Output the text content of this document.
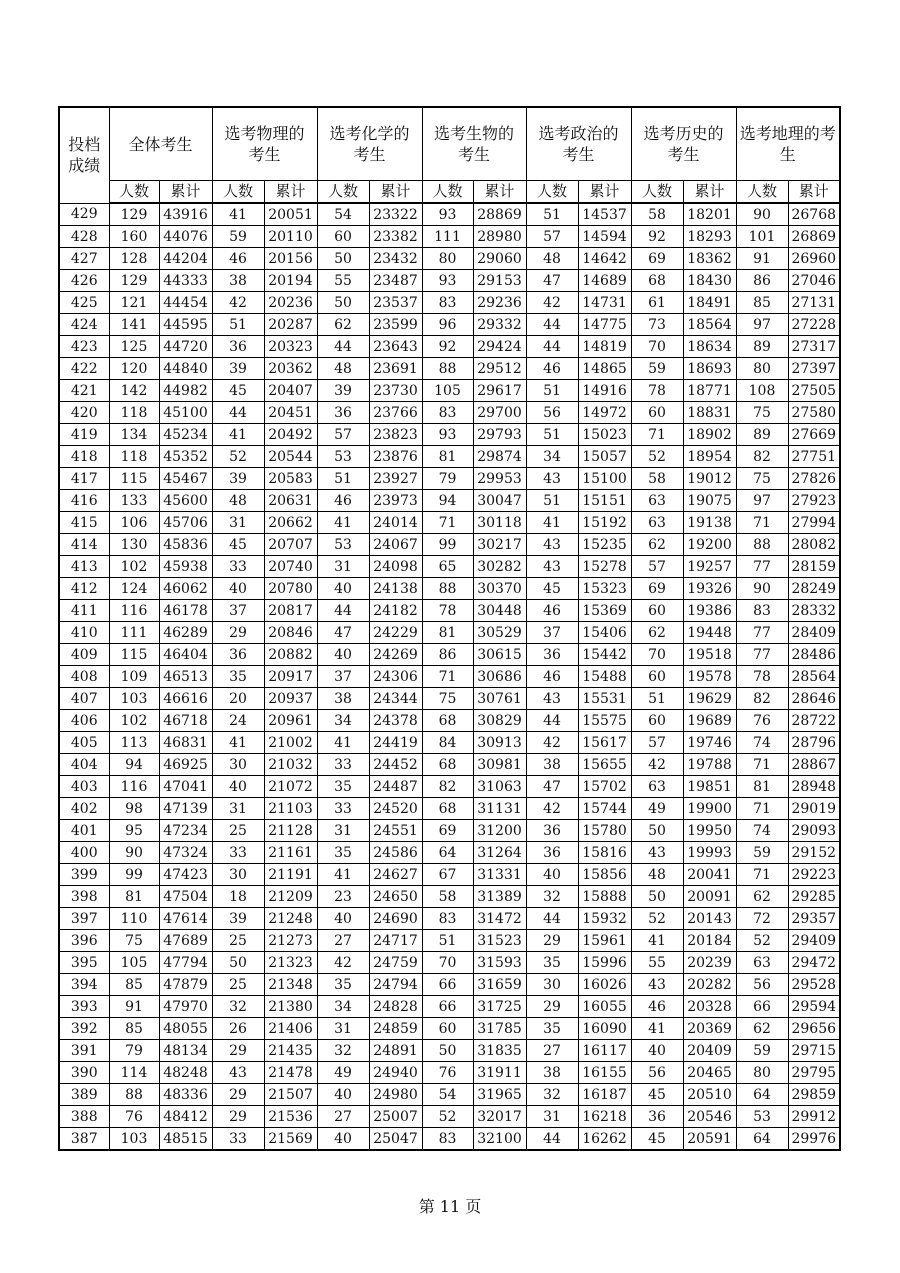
投档成绩	全体考生		选考物理的考生		选考化学的考生		选考生物的考生		选考政治的考生		选考历史的考生		选考地理的考生	
	人数	累计	人数	累计	人数	累计	人数	累计	人数	累计	人数	累计	人数	累计
429	129	43916	41	20051	54	23322	93	28869	51	14537	58	18201	90	26768
428	160	44076	59	20110	60	23382	111	28980	57	14594	92	18293	101	26869
427	128	44204	46	20156	50	23432	80	29060	48	14642	69	18362	91	26960
426	129	44333	38	20194	55	23487	93	29153	47	14689	68	18430	86	27046
425	121	44454	42	20236	50	23537	83	29236	42	14731	61	18491	85	27131
424	141	44595	51	20287	62	23599	96	29332	44	14775	73	18564	97	27228
423	125	44720	36	20323	44	23643	92	29424	44	14819	70	18634	89	27317
422	120	44840	39	20362	48	23691	88	29512	46	14865	59	18693	80	27397
421	142	44982	45	20407	39	23730	105	29617	51	14916	78	18771	108	27505
420	118	45100	44	20451	36	23766	83	29700	56	14972	60	18831	75	27580
419	134	45234	41	20492	57	23823	93	29793	51	15023	71	18902	89	27669
418	118	45352	52	20544	53	23876	81	29874	34	15057	52	18954	82	27751
417	115	45467	39	20583	51	23927	79	29953	43	15100	58	19012	75	27826
416	133	45600	48	20631	46	23973	94	30047	51	15151	63	19075	97	27923
415	106	45706	31	20662	41	24014	71	30118	41	15192	63	19138	71	27994
414	130	45836	45	20707	53	24067	99	30217	43	15235	62	19200	88	28082
413	102	45938	33	20740	31	24098	65	30282	43	15278	57	19257	77	28159
412	124	46062	40	20780	40	24138	88	30370	45	15323	69	19326	90	28249
411	116	46178	37	20817	44	24182	78	30448	46	15369	60	19386	83	28332
410	111	46289	29	20846	47	24229	81	30529	37	15406	62	19448	77	28409
409	115	46404	36	20882	40	24269	86	30615	36	15442	70	19518	77	28486
408	109	46513	35	20917	37	24306	71	30686	46	15488	60	19578	78	28564
407	103	46616	20	20937	38	24344	75	30761	43	15531	51	19629	82	28646
406	102	46718	24	20961	34	24378	68	30829	44	15575	60	19689	76	28722
405	113	46831	41	21002	41	24419	84	30913	42	15617	57	19746	74	28796
404	94	46925	30	21032	33	24452	68	30981	38	15655	42	19788	71	28867
403	116	47041	40	21072	35	24487	82	31063	47	15702	63	19851	81	28948
402	98	47139	31	21103	33	24520	68	31131	42	15744	49	19900	71	29019
401	95	47234	25	21128	31	24551	69	31200	36	15780	50	19950	74	29093
400	90	47324	33	21161	35	24586	64	31264	36	15816	43	19993	59	29152
399	99	47423	30	21191	41	24627	67	31331	40	15856	48	20041	71	29223
398	81	47504	18	21209	23	24650	58	31389	32	15888	50	20091	62	29285
397	110	47614	39	21248	40	24690	83	31472	44	15932	52	20143	72	29357
396	75	47689	25	21273	27	24717	51	31523	29	15961	41	20184	52	29409
395	105	47794	50	21323	42	24759	70	31593	35	15996	55	20239	63	29472
394	85	47879	25	21348	35	24794	66	31659	30	16026	43	20282	56	29528
393	91	47970	32	21380	34	24828	66	31725	29	16055	46	20328	66	29594
392	85	48055	26	21406	31	24859	60	31785	35	16090	41	20369	62	29656
391	79	48134	29	21435	32	24891	50	31835	27	16117	40	20409	59	29715
390	114	48248	43	21478	49	24940	76	31911	38	16155	56	20465	80	29795
389	88	48336	29	21507	40	24980	54	31965	32	16187	45	20510	64	29859
388	76	48412	29	21536	27	25007	52	32017	31	16218	36	20546	53	29912
387	103	48515	33	21569	40	25047	83	32100	44	16262	45	20591	64	29976
第 11 页
